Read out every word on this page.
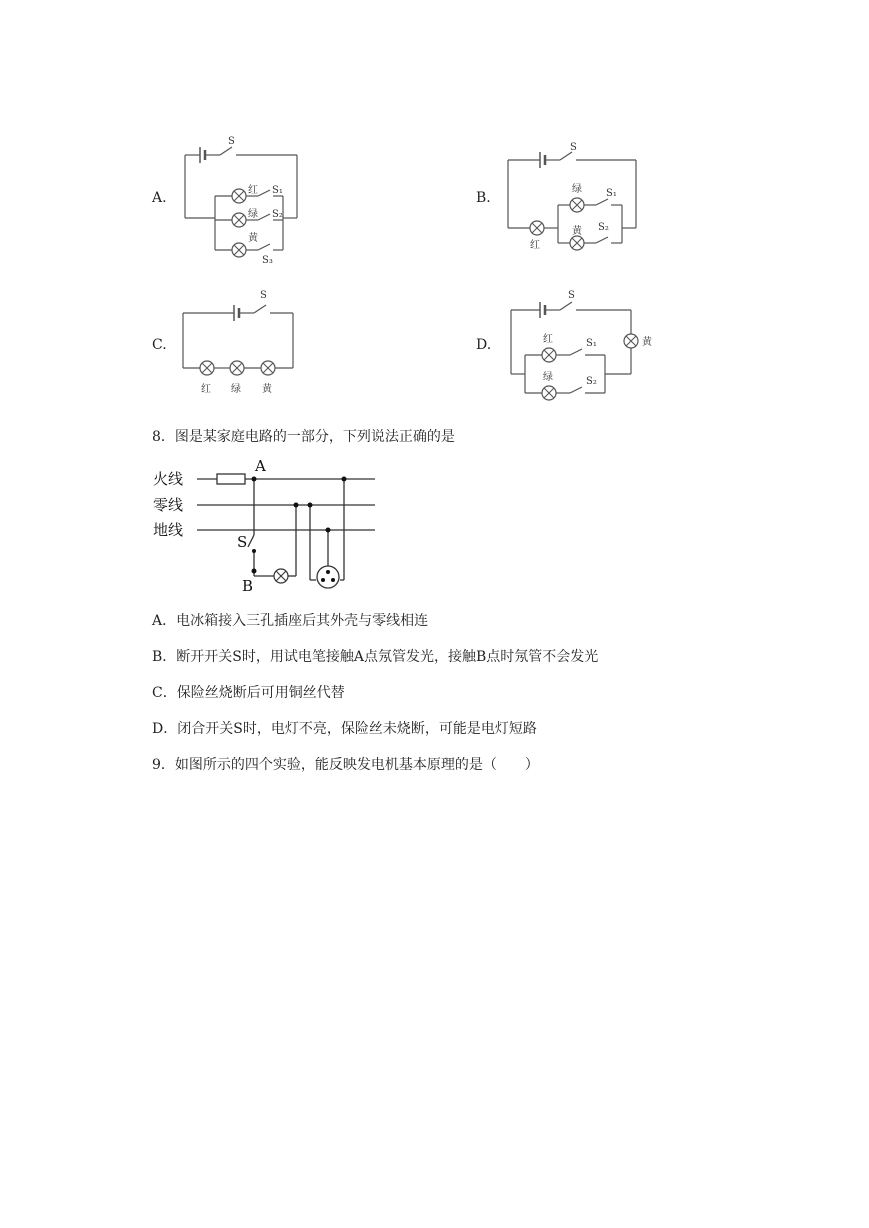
A.	B.
C.	D.
S
红 S₁
绿 S₂
黄
S₃
S
绿 S₁
黄 S₂
红
S
红 绿 黄
S
红	S₁
绿	S₂
黄
8．图是某家庭电路的一部分，下列说法正确的是
火线
零线
地线
A
S
B
A．电冰箱接入三孔插座后其外壳与零线相连
B．断开开关S时，用试电笔接触A点氖管发光，接触B点时氖管不会发光
C．保险丝烧断后可用铜丝代替
D．闭合开关S时，电灯不亮，保险丝未烧断，可能是电灯短路
9．如图所示的四个实验，能反映发电机基本原理的是（　　）
